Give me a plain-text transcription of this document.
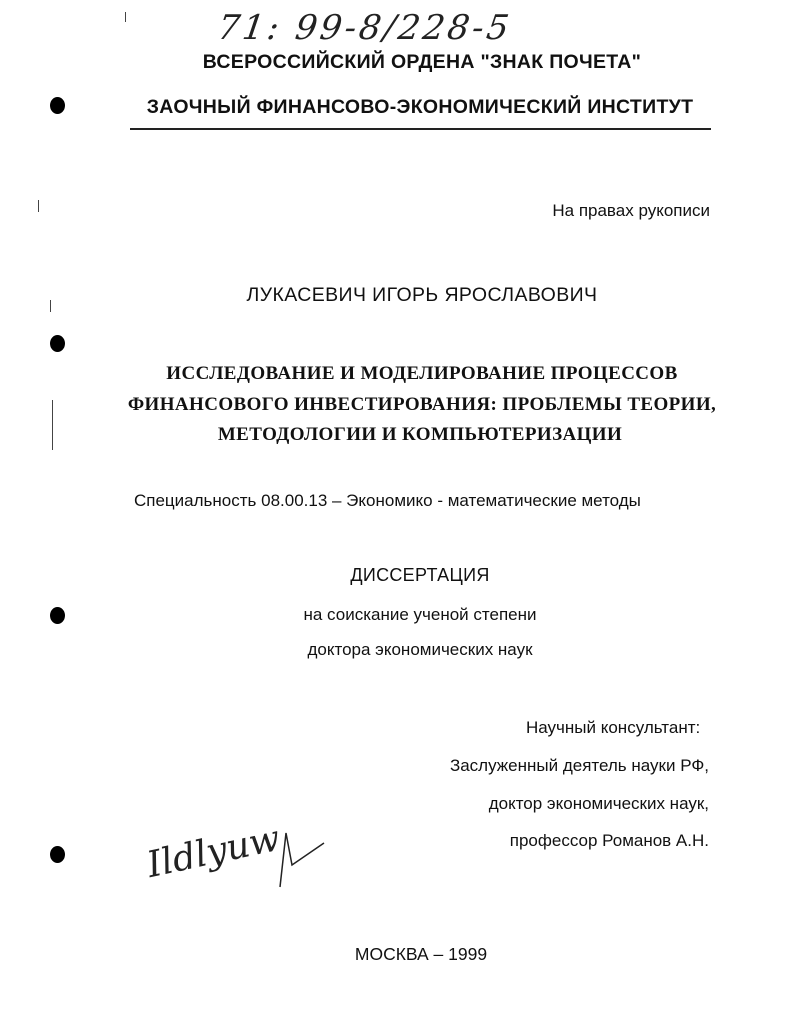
71: 99-8/228-5
ВСЕРОССИЙСКИЙ ОРДЕНА "ЗНАК ПОЧЕТА"
ЗАОЧНЫЙ ФИНАНСОВО-ЭКОНОМИЧЕСКИЙ ИНСТИТУТ
На правах рукописи
ЛУКАСЕВИЧ ИГОРЬ ЯРОСЛАВОВИЧ
ИССЛЕДОВАНИЕ И МОДЕЛИРОВАНИЕ ПРОЦЕССОВ
ФИНАНСОВОГО ИНВЕСТИРОВАНИЯ: ПРОБЛЕМЫ ТЕОРИИ,
МЕТОДОЛОГИИ И КОМПЬЮТЕРИЗАЦИИ
Специальность 08.00.13 – Экономико - математические методы
ДИССЕРТАЦИЯ
на соискание ученой степени
доктора экономических наук
Научный консультант:
Заслуженный деятель науки РФ,
доктор экономических наук,
профессор Романов А.Н.
Ildlyuw
МОСКВА – 1999
